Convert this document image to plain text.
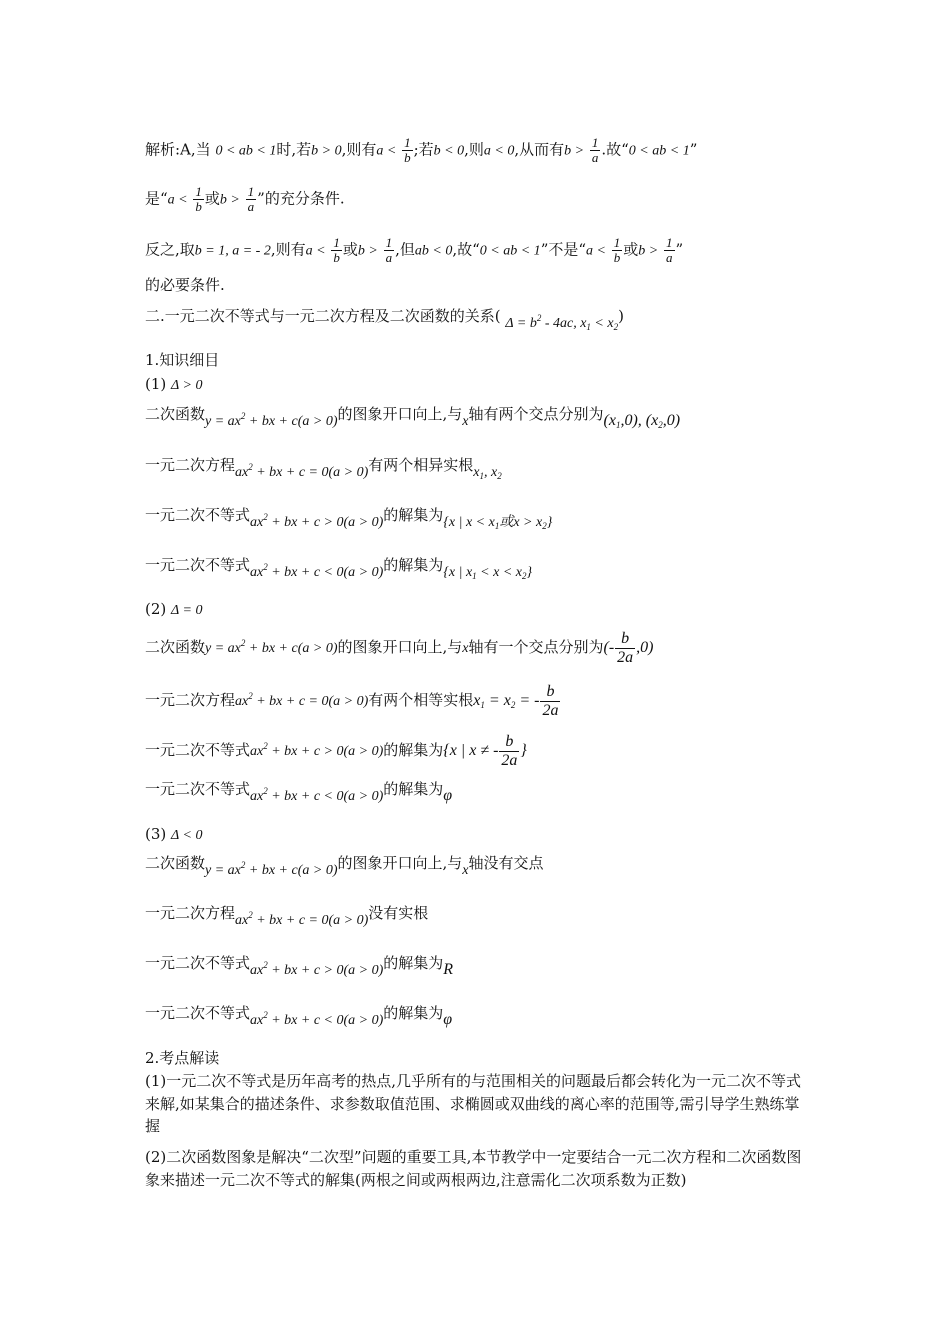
解析:A,当 0 < ab < 1时,若b > 0,则有$a < \frac{1}{b}$ ;若b < 0,则a < 0,从而有$b > \frac{1}{a}$ .故“0 < ab < 1”
是“$a < \frac{1}{b}$ 或$b > \frac{1}{a}$ ”的充分条件.
反之,取b = 1, a = - 2,则有$a < \frac{1}{b}$ 或$b > \frac{1}{a}$ ,但ab < 0,故“0 < ab < 1”不是“$a < \frac{1}{b}$ 或$b > \frac{1}{a}$ ”
的必要条件.
二.一元二次不等式与一元二次方程及二次函数的关系( $\Delta = b^2 - 4ac$, $x_1 < x_2$)
1.知识细目
(1) Δ > 0
二次函数$y = ax^2$ + bx + c(a > 0)的图象开口向上,与x轴有两个交点分别为$(x_1,0)$, $(x_2,0)$
一元二次方程$ax^2$ + bx + c = 0(a > 0)有两个相异实根$x_1$, $x_2$
一元二次不等式$ax^2$ + bx + c > 0(a > 0)的解集为{x | $x < x_1$或$x > x_2$}
一元二次不等式$ax^2$ + bx + c < 0(a > 0)的解集为{x | $x_1 < x < x_2$}
(2) Δ = 0
二次函数$y = ax^2$ + bx + c(a > 0)的图象开口向上,与x轴有一个交点分别为(- $\frac{b}{2a} ,0$)
一元二次方程$ax^2$ + bx + c = 0(a > 0)有两个相等实根$x_1 = x_2$ = - $\frac{b}{2a}$
一元二次不等式$ax^2$ + bx + c > 0(a > 0)的解集为{x | x ≠ - $\frac{b}{2a}$ }
一元二次不等式$ax^2$ + bx + c < 0(a > 0)的解集为φ
(3) Δ < 0
二次函数$y = ax^2$ + bx + c(a > 0)的图象开口向上,与x轴没有交点
一元二次方程$ax^2$ + bx + c = 0(a > 0)没有实根
一元二次不等式$ax^2$ + bx + c > 0(a > 0)的解集为R
一元二次不等式$ax^2$ + bx + c < 0(a > 0)的解集为φ
2.考点解读
(1)一元二次不等式是历年高考的热点,几乎所有的与范围相关的问题最后都会转化为一元二次不等式来解,如某集合的描述条件、求参数取值范围、求椭圆或双曲线的离心率的范围等,需引导学生熟练掌握
(2)二次函数图象是解决“二次型”问题的重要工具,本节教学中一定要结合一元二次方程和二次函数图象来描述一元二次不等式的解集(两根之间或两根两边,注意需化二次项系数为正数)
